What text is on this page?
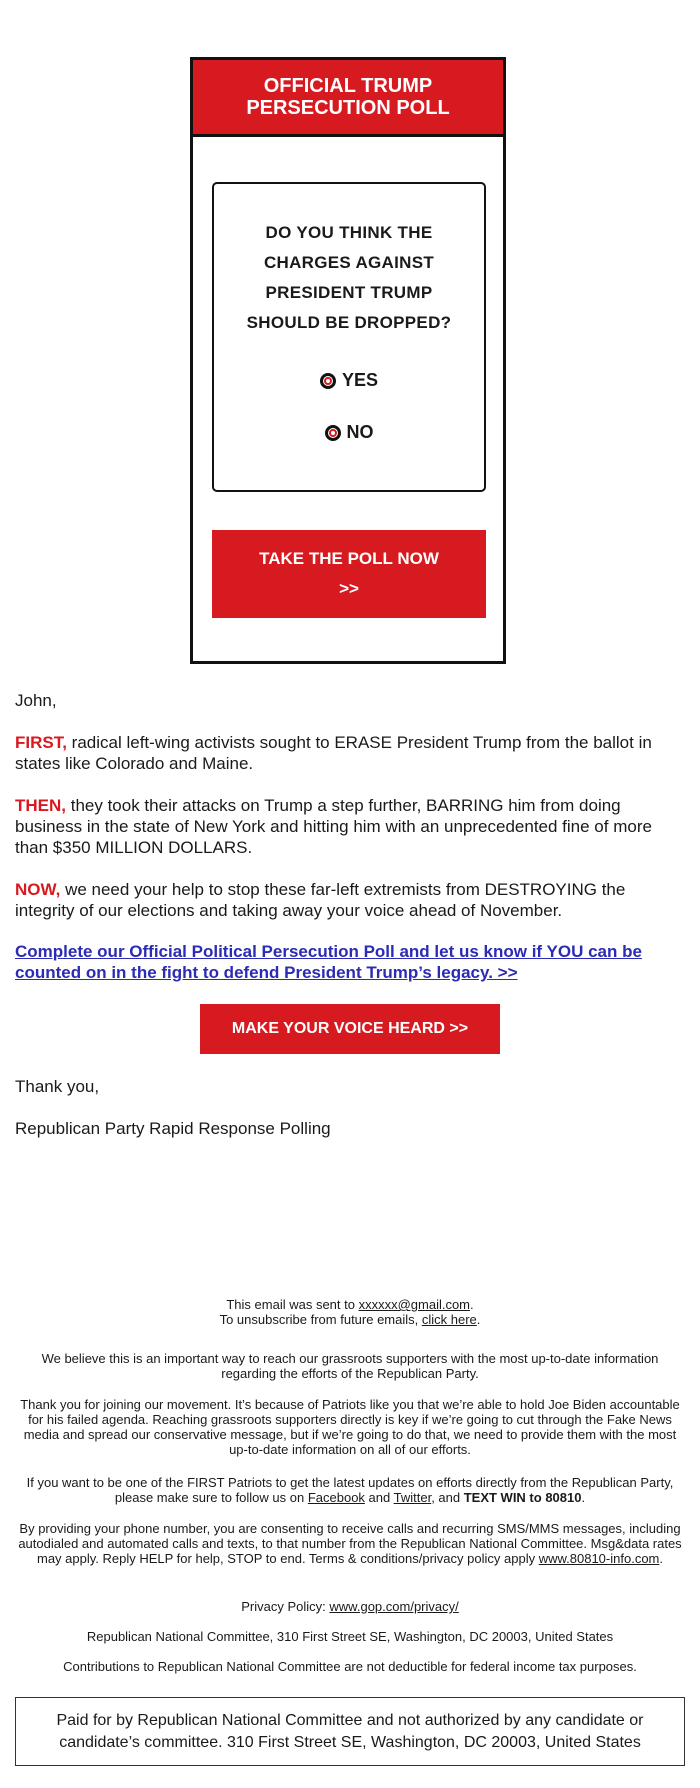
OFFICIAL TRUMP PERSECUTION POLL
DO YOU THINK THE CHARGES AGAINST PRESIDENT TRUMP SHOULD BE DROPPED?
YES
NO
TAKE THE POLL NOW >>
John,
FIRST, radical left-wing activists sought to ERASE President Trump from the ballot in states like Colorado and Maine.
THEN, they took their attacks on Trump a step further, BARRING him from doing business in the state of New York and hitting him with an unprecedented fine of more than $350 MILLION DOLLARS.
NOW, we need your help to stop these far-left extremists from DESTROYING the integrity of our elections and taking away your voice ahead of November.
Complete our Official Political Persecution Poll and let us know if YOU can be counted on in the fight to defend President Trump’s legacy. >>
MAKE YOUR VOICE HEARD >>
Thank you,
Republican Party Rapid Response Polling
This email was sent to xxxxxx@gmail.com.
To unsubscribe from future emails, click here.
We believe this is an important way to reach our grassroots supporters with the most up-to-date information regarding the efforts of the Republican Party.
Thank you for joining our movement. It’s because of Patriots like you that we’re able to hold Joe Biden accountable for his failed agenda. Reaching grassroots supporters directly is key if we’re going to cut through the Fake News media and spread our conservative message, but if we’re going to do that, we need to provide them with the most up-to-date information on all of our efforts.
If you want to be one of the FIRST Patriots to get the latest updates on efforts directly from the Republican Party, please make sure to follow us on Facebook and Twitter, and TEXT WIN to 80810.
By providing your phone number, you are consenting to receive calls and recurring SMS/MMS messages, including autodialed and automated calls and texts, to that number from the Republican National Committee. Msg&data rates may apply. Reply HELP for help, STOP to end. Terms & conditions/privacy policy apply www.80810-info.com.
Privacy Policy: www.gop.com/privacy/
Republican National Committee, 310 First Street SE, Washington, DC 20003, United States
Contributions to Republican National Committee are not deductible for federal income tax purposes.
Paid for by Republican National Committee and not authorized by any candidate or candidate’s committee. 310 First Street SE, Washington, DC 20003, United States
